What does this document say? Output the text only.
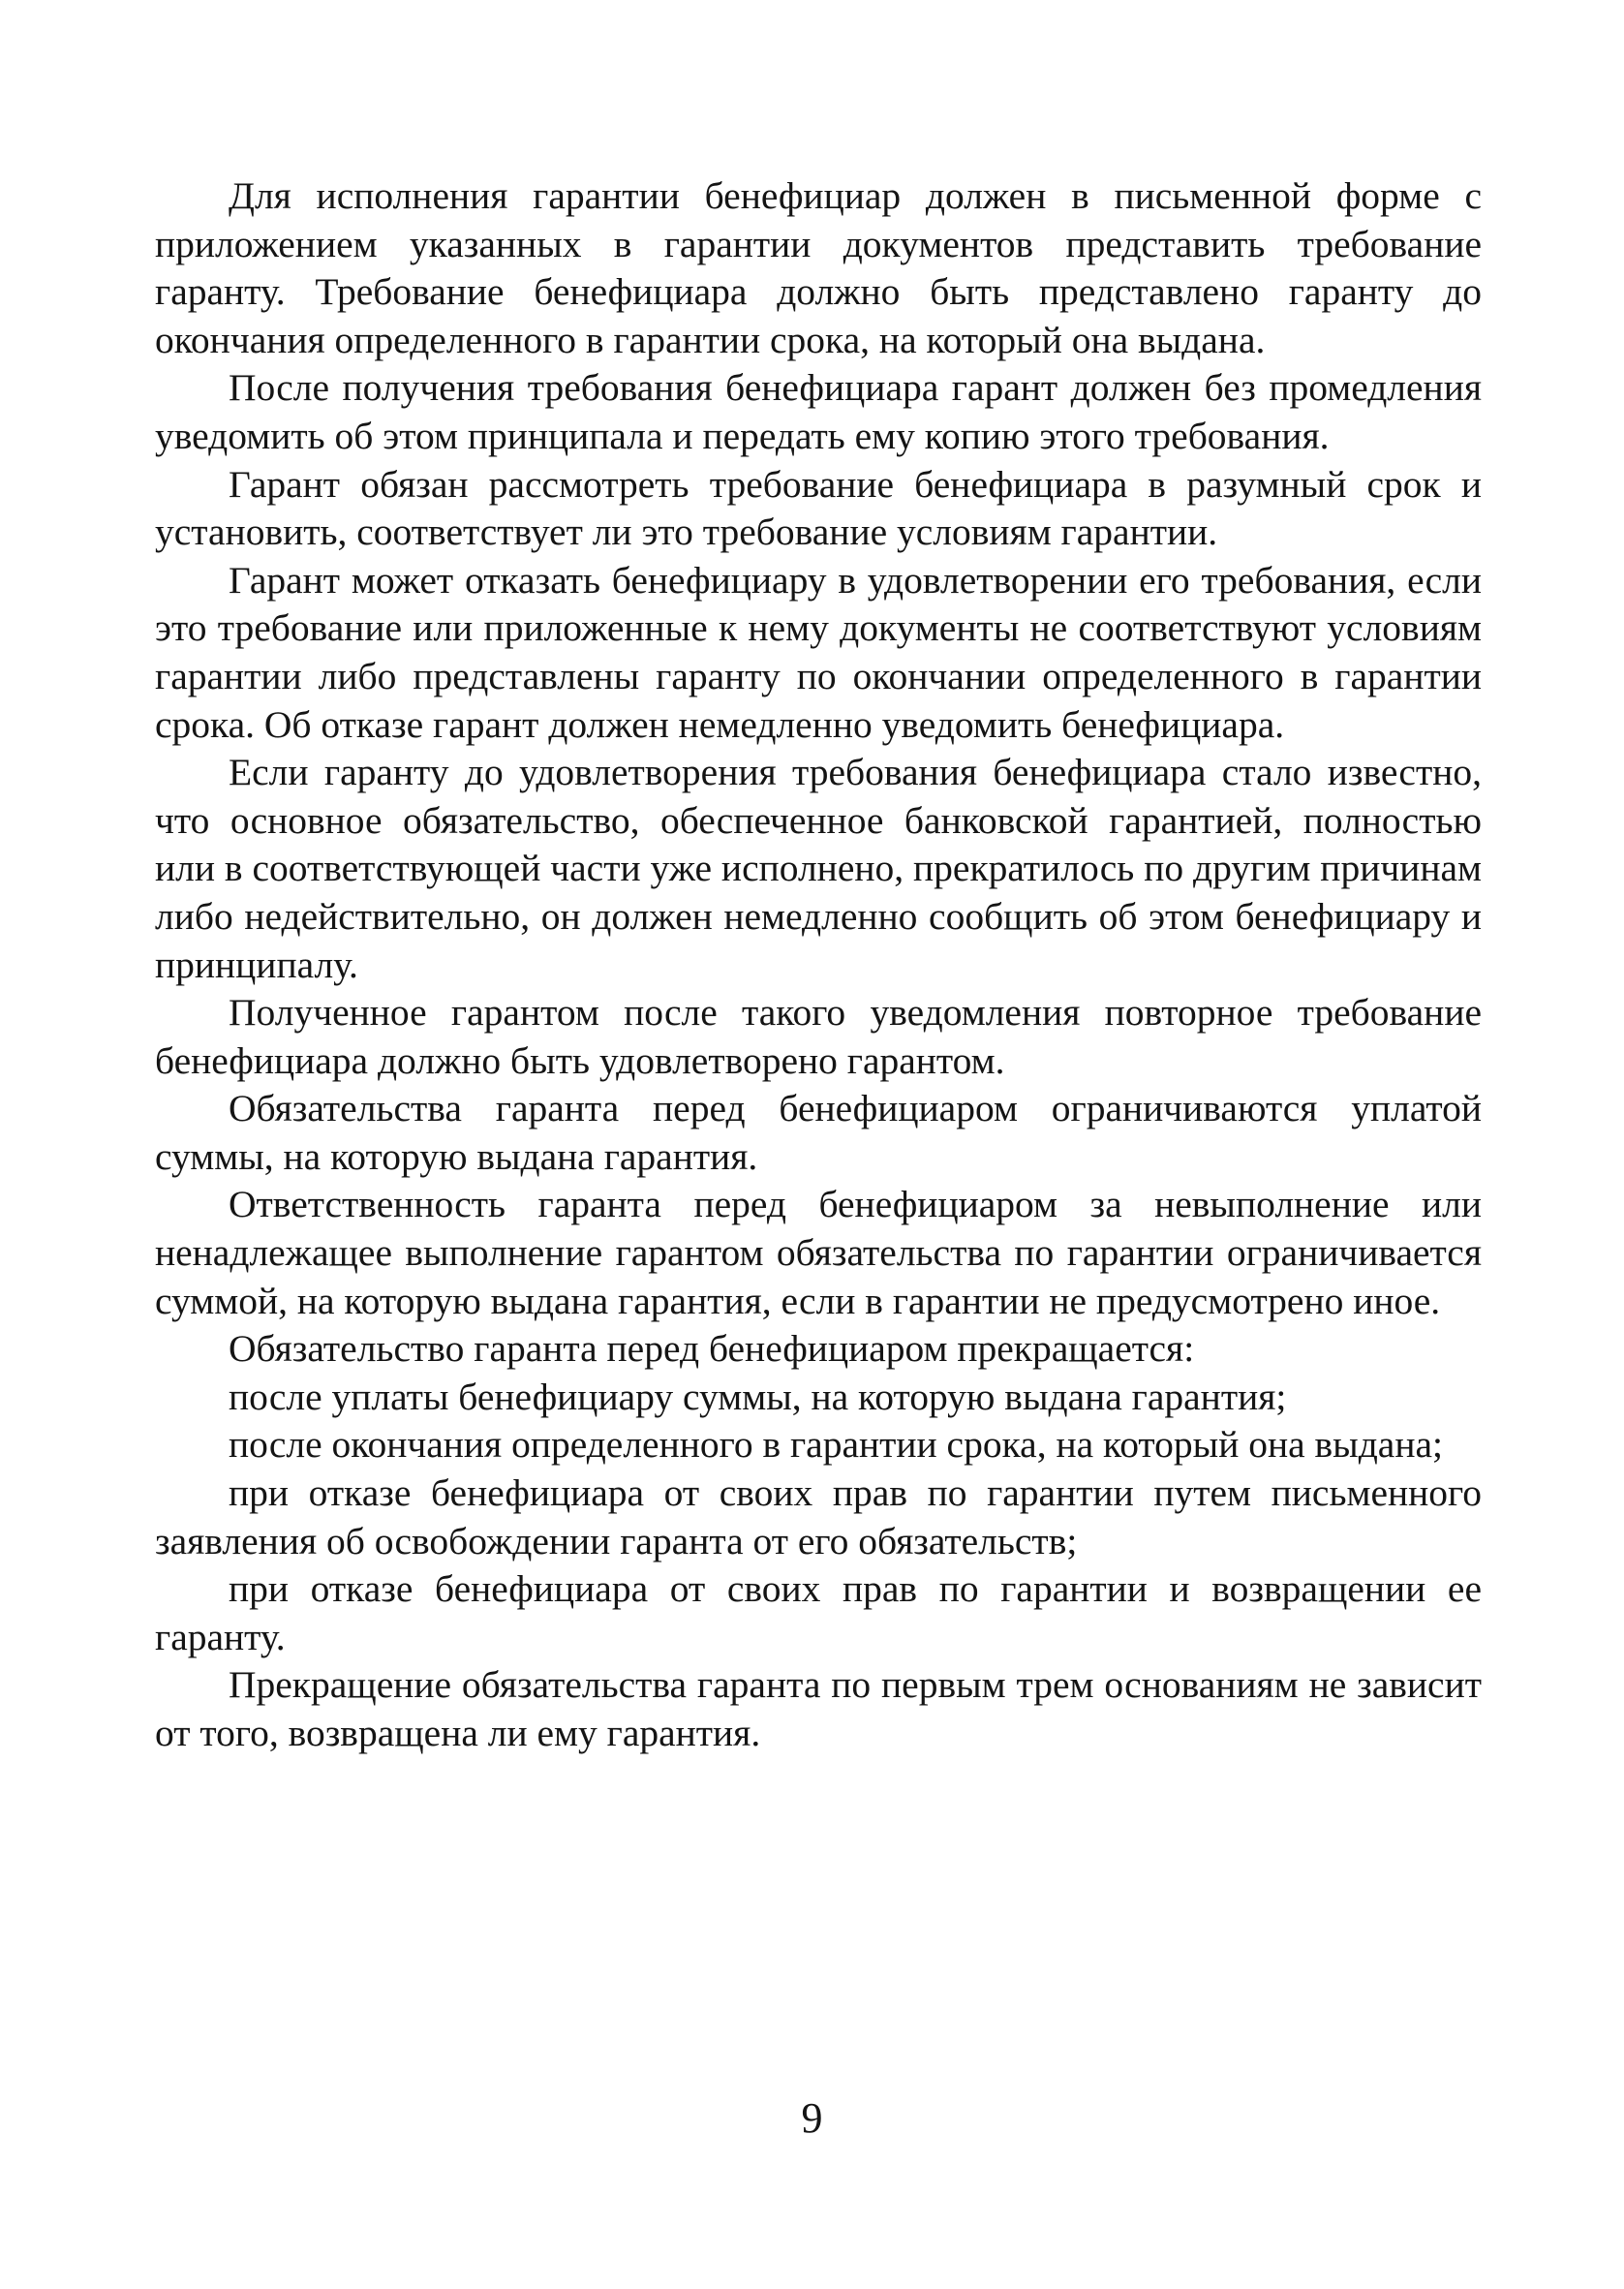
Для исполнения гарантии бенефициар должен в письменной форме с приложением указанных в гарантии документов представить требование гаранту. Требование бенефициара должно быть представлено гаранту до окончания определенного в гарантии срока, на который она выдана.

После получения требования бенефициара гарант должен без промедления уведомить об этом принципала и передать ему копию этого требования.

Гарант обязан рассмотреть требование бенефициара в разумный срок и установить, соответствует ли это требование условиям гарантии.

Гарант может отказать бенефициару в удовлетворении его требования, если это требование или приложенные к нему документы не соответствуют условиям гарантии либо представлены гаранту по окончании определенного в гарантии срока. Об отказе гарант должен немедленно уведомить бенефициара.

Если гаранту до удовлетворения требования бенефициара стало известно, что основное обязательство, обеспеченное банковской гарантией, полностью или в соответствующей части уже исполнено, прекратилось по другим причинам либо недействительно, он должен немедленно сообщить об этом бенефициару и принципалу.

Полученное гарантом после такого уведомления повторное требование бенефициара должно быть удовлетворено гарантом.

Обязательства гаранта перед бенефициаром ограничиваются уплатой суммы, на которую выдана гарантия.

Ответственность гаранта перед бенефициаром за невыполнение или ненадлежащее выполнение гарантом обязательства по гарантии ограничивается суммой, на которую выдана гарантия, если в гарантии не предусмотрено иное.

Обязательство гаранта перед бенефициаром прекращается:

после уплаты бенефициару суммы, на которую выдана гарантия;

после окончания определенного в гарантии срока, на который она выдана;

при отказе бенефициара от своих прав по гарантии путем письменного заявления об освобождении гаранта от его обязательств;

при отказе бенефициара от своих прав по гарантии и возвращении ее гаранту.

Прекращение обязательства гаранта по первым трем основаниям не зависит от того, возвращена ли ему гарантия.

9
